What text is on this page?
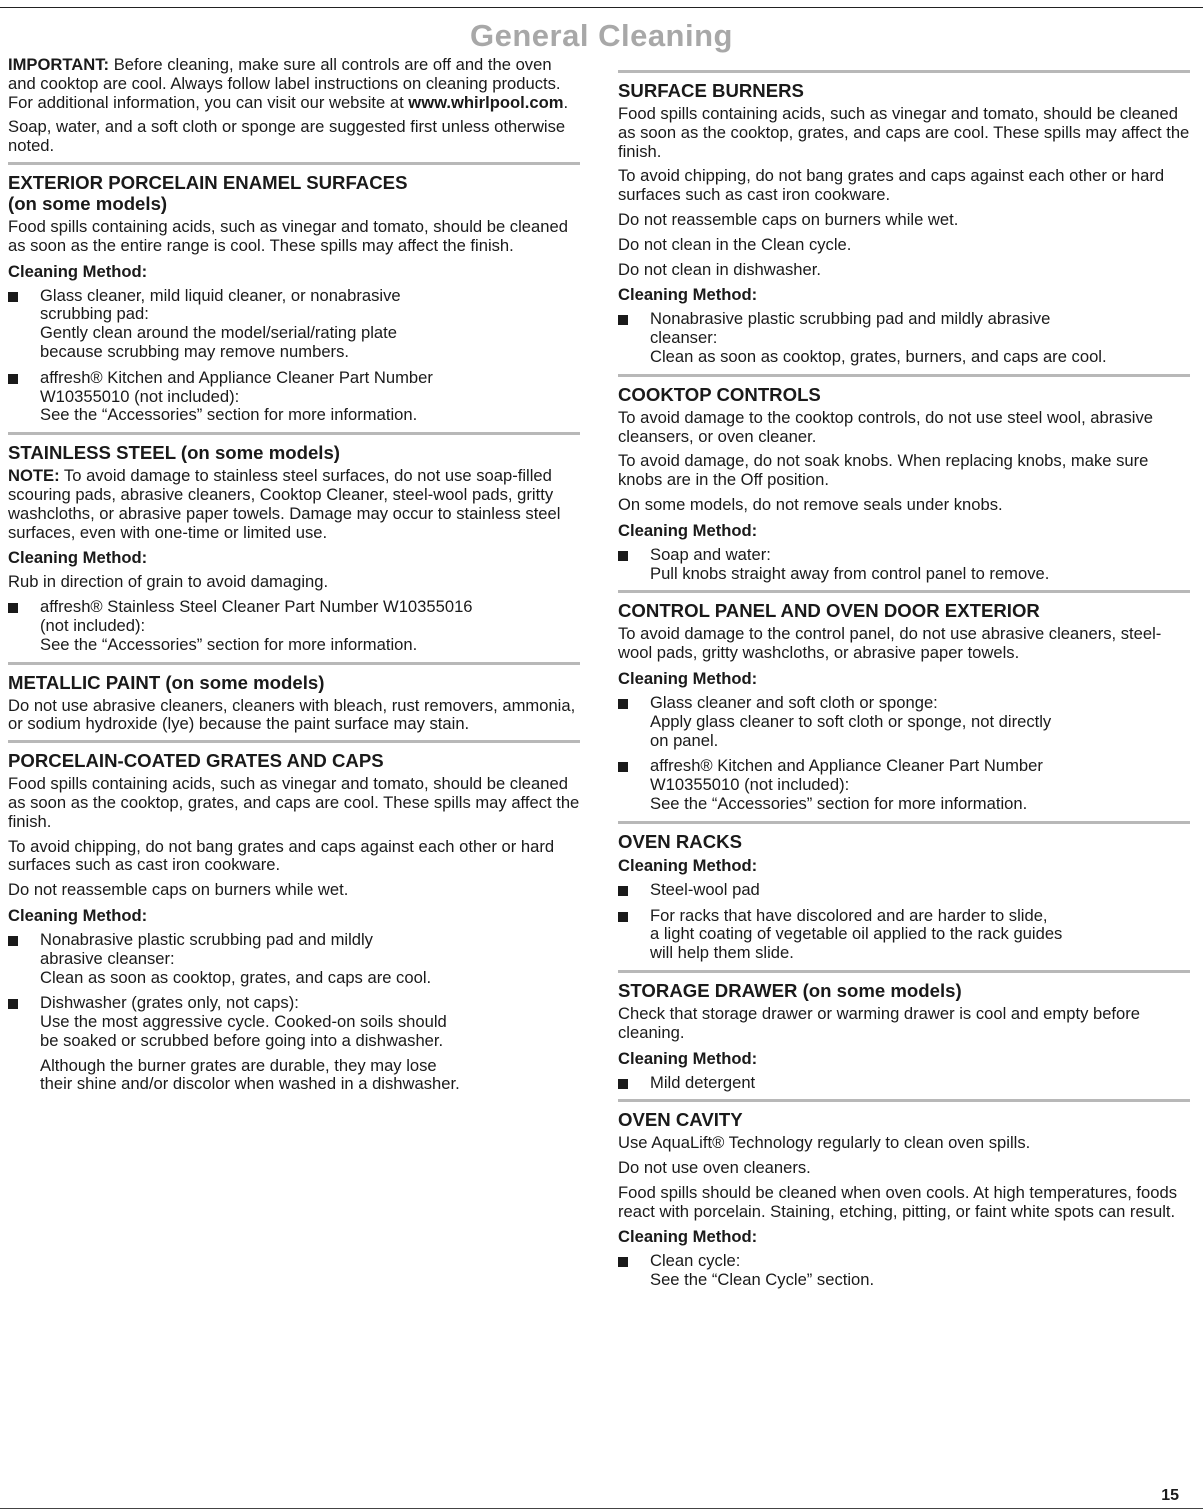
General Cleaning

IMPORTANT: Before cleaning, make sure all controls are off and the oven and cooktop are cool. Always follow label instructions on cleaning products. For additional information, you can visit our website at www.whirlpool.com.

Soap, water, and a soft cloth or sponge are suggested first unless otherwise noted.

EXTERIOR PORCELAIN ENAMEL SURFACES
(on some models)

Food spills containing acids, such as vinegar and tomato, should be cleaned as soon as the entire range is cool. These spills may affect the finish.

Cleaning Method:
Glass cleaner, mild liquid cleaner, or nonabrasive
scrubbing pad:
Gently clean around the model/serial/rating plate
because scrubbing may remove numbers.
affresh® Kitchen and Appliance Cleaner Part Number
W10355010 (not included):
See the “Accessories” section for more information.
STAINLESS STEEL (on some models)

NOTE: To avoid damage to stainless steel surfaces, do not use soap-filled scouring pads, abrasive cleaners, Cooktop Cleaner, steel-wool pads, gritty washcloths, or abrasive paper towels. Damage may occur to stainless steel surfaces, even with one-time or limited use.

Cleaning Method:

Rub in direction of grain to avoid damaging.

affresh® Stainless Steel Cleaner Part Number W10355016
(not included):
See the “Accessories” section for more information.
METALLIC PAINT (on some models)

Do not use abrasive cleaners, cleaners with bleach, rust removers, ammonia, or sodium hydroxide (lye) because the paint surface may stain.

PORCELAIN-COATED GRATES AND CAPS

Food spills containing acids, such as vinegar and tomato, should be cleaned as soon as the cooktop, grates, and caps are cool. These spills may affect the finish.

To avoid chipping, do not bang grates and caps against each other or hard surfaces such as cast iron cookware.

Do not reassemble caps on burners while wet.

Cleaning Method:
Nonabrasive plastic scrubbing pad and mildly
abrasive cleanser:
Clean as soon as cooktop, grates, and caps are cool.
Dishwasher (grates only, not caps):
Use the most aggressive cycle. Cooked-on soils should
be soaked or scrubbed before going into a dishwasher.
Although the burner grates are durable, they may lose
their shine and/or discolor when washed in a dishwasher.
SURFACE BURNERS

Food spills containing acids, such as vinegar and tomato, should be cleaned as soon as the cooktop, grates, and caps are cool. These spills may affect the finish.

To avoid chipping, do not bang grates and caps against each other or hard surfaces such as cast iron cookware.

Do not reassemble caps on burners while wet.

Do not clean in the Clean cycle.

Do not clean in dishwasher.

Cleaning Method:
Nonabrasive plastic scrubbing pad and mildly abrasive
cleanser:
Clean as soon as cooktop, grates, burners, and caps are cool.
COOKTOP CONTROLS

To avoid damage to the cooktop controls, do not use steel wool, abrasive cleansers, or oven cleaner.

To avoid damage, do not soak knobs. When replacing knobs, make sure knobs are in the Off position.

On some models, do not remove seals under knobs.

Cleaning Method:
Soap and water:
Pull knobs straight away from control panel to remove.
CONTROL PANEL AND OVEN DOOR EXTERIOR

To avoid damage to the control panel, do not use abrasive cleaners, steel-wool pads, gritty washcloths, or abrasive paper towels.

Cleaning Method:
Glass cleaner and soft cloth or sponge:
Apply glass cleaner to soft cloth or sponge, not directly
on panel.
affresh® Kitchen and Appliance Cleaner Part Number
W10355010 (not included):
See the “Accessories” section for more information.
OVEN RACKS
Cleaning Method:
Steel-wool pad
For racks that have discolored and are harder to slide,
a light coating of vegetable oil applied to the rack guides
will help them slide.
STORAGE DRAWER (on some models)

Check that storage drawer or warming drawer is cool and empty before cleaning.

Cleaning Method:
Mild detergent
OVEN CAVITY

Use AquaLift® Technology regularly to clean oven spills.

Do not use oven cleaners.

Food spills should be cleaned when oven cools. At high temperatures, foods react with porcelain. Staining, etching, pitting, or faint white spots can result.

Cleaning Method:
Clean cycle:
See the “Clean Cycle” section.
15
